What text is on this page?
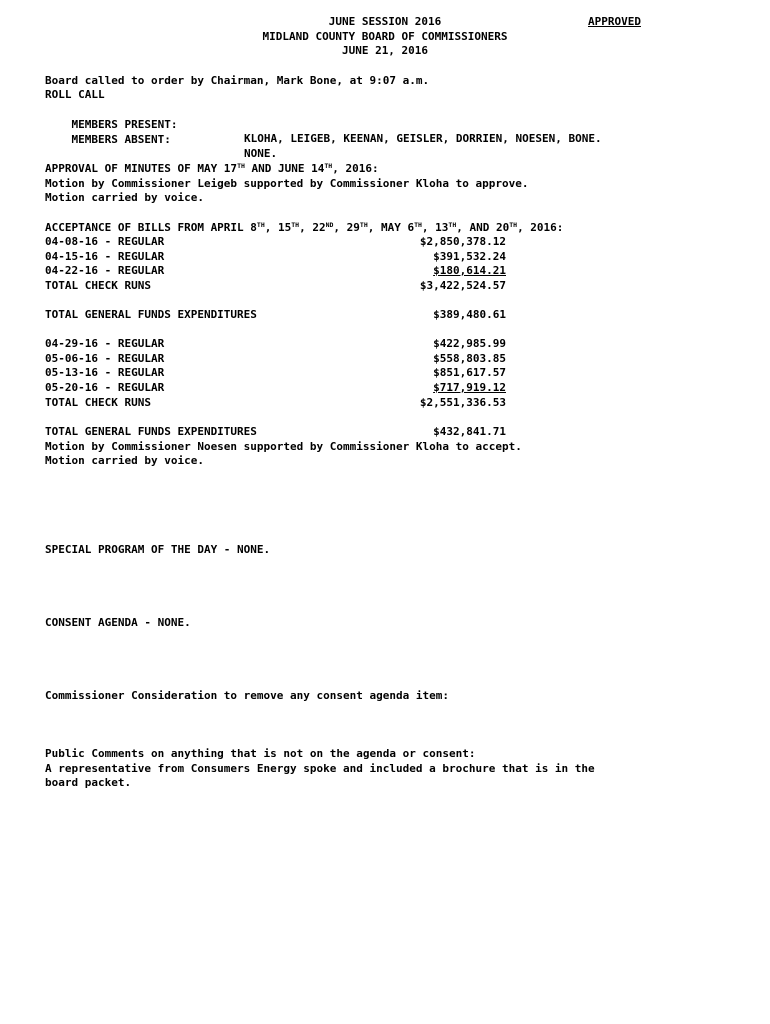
JUNE SESSION 2016	APPROVED
MIDLAND COUNTY BOARD OF COMMISSIONERS
JUNE 21, 2016
Board called to order by Chairman, Mark Bone, at 9:07 a.m.
ROLL CALL

MEMBERS PRESENT:

KLOHA, LEIGEB, KEENAN, GEISLER, DORRIEN, NOESEN, BONE.

MEMBERS ABSENT:

NONE.

APPROVAL OF MINUTES OF MAY 17TH AND JUNE 14TH, 2016:
Motion by Commissioner Leigeb supported by Commissioner Kloha to approve.
Motion carried by voice.
ACCEPTANCE OF BILLS FROM APRIL 8TH, 15TH, 22ND, 29TH, MAY 6TH, 13TH, AND 20TH, 2016:
04-08-16 - REGULAR	$2,850,378.12
04-15-16 - REGULAR	$391,532.24
04-22-16 - REGULAR	$180,614.21
TOTAL CHECK RUNS	$3,422,524.57
TOTAL GENERAL FUNDS EXPENDITURES	$389,480.61
04-29-16 - REGULAR	$422,985.99
05-06-16 - REGULAR	$558,803.85
05-13-16 - REGULAR	$851,617.57
05-20-16 - REGULAR	$717,919.12
TOTAL CHECK RUNS	$2,551,336.53
TOTAL GENERAL FUNDS EXPENDITURES	$432,841.71
Motion by Commissioner Noesen supported by Commissioner Kloha to accept.
Motion carried by voice.
SPECIAL PROGRAM OF THE DAY - NONE.
CONSENT AGENDA - NONE.
Commissioner Consideration to remove any consent agenda item:
Public Comments on anything that is not on the agenda or consent:
A representative from Consumers Energy spoke and included a brochure that is in the
board packet.
